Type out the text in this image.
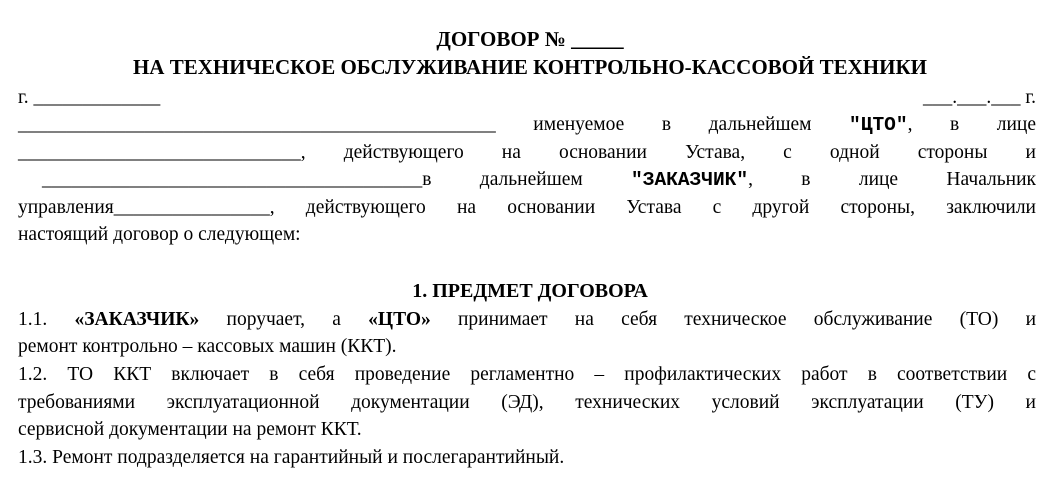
ДОГОВОР № _____
НА ТЕХНИЧЕСКОЕ ОБСЛУЖИВАНИЕ КОНТРОЛЬНО-КАССОВОЙ ТЕХНИКИ
г. _____________	___.___.___ г.
_________________________________________________ именуемое в дальнейшем "ЦТО", в лице
_____________________________, действующего на основании Устава, с одной стороны и
_______________________________________в дальнейшем "ЗАКАЗЧИК", в лице Начальник
управления________________, действующего на основании Устава с другой стороны, заключили
настоящий договор о следующем:
1. ПРЕДМЕТ ДОГОВОРА
1.1. «ЗАКАЗЧИК» поручает, а «ЦТО» принимает на себя техническое обслуживание (ТО) и
ремонт контрольно – кассовых машин (ККТ).
1.2. ТО ККТ включает в себя проведение регламентно – профилактических работ в соответствии с
требованиями эксплуатационной документации (ЭД), технических условий эксплуатации (ТУ) и
сервисной документации на ремонт ККТ.
1.3. Ремонт подразделяется на гарантийный и послегарантийный.
